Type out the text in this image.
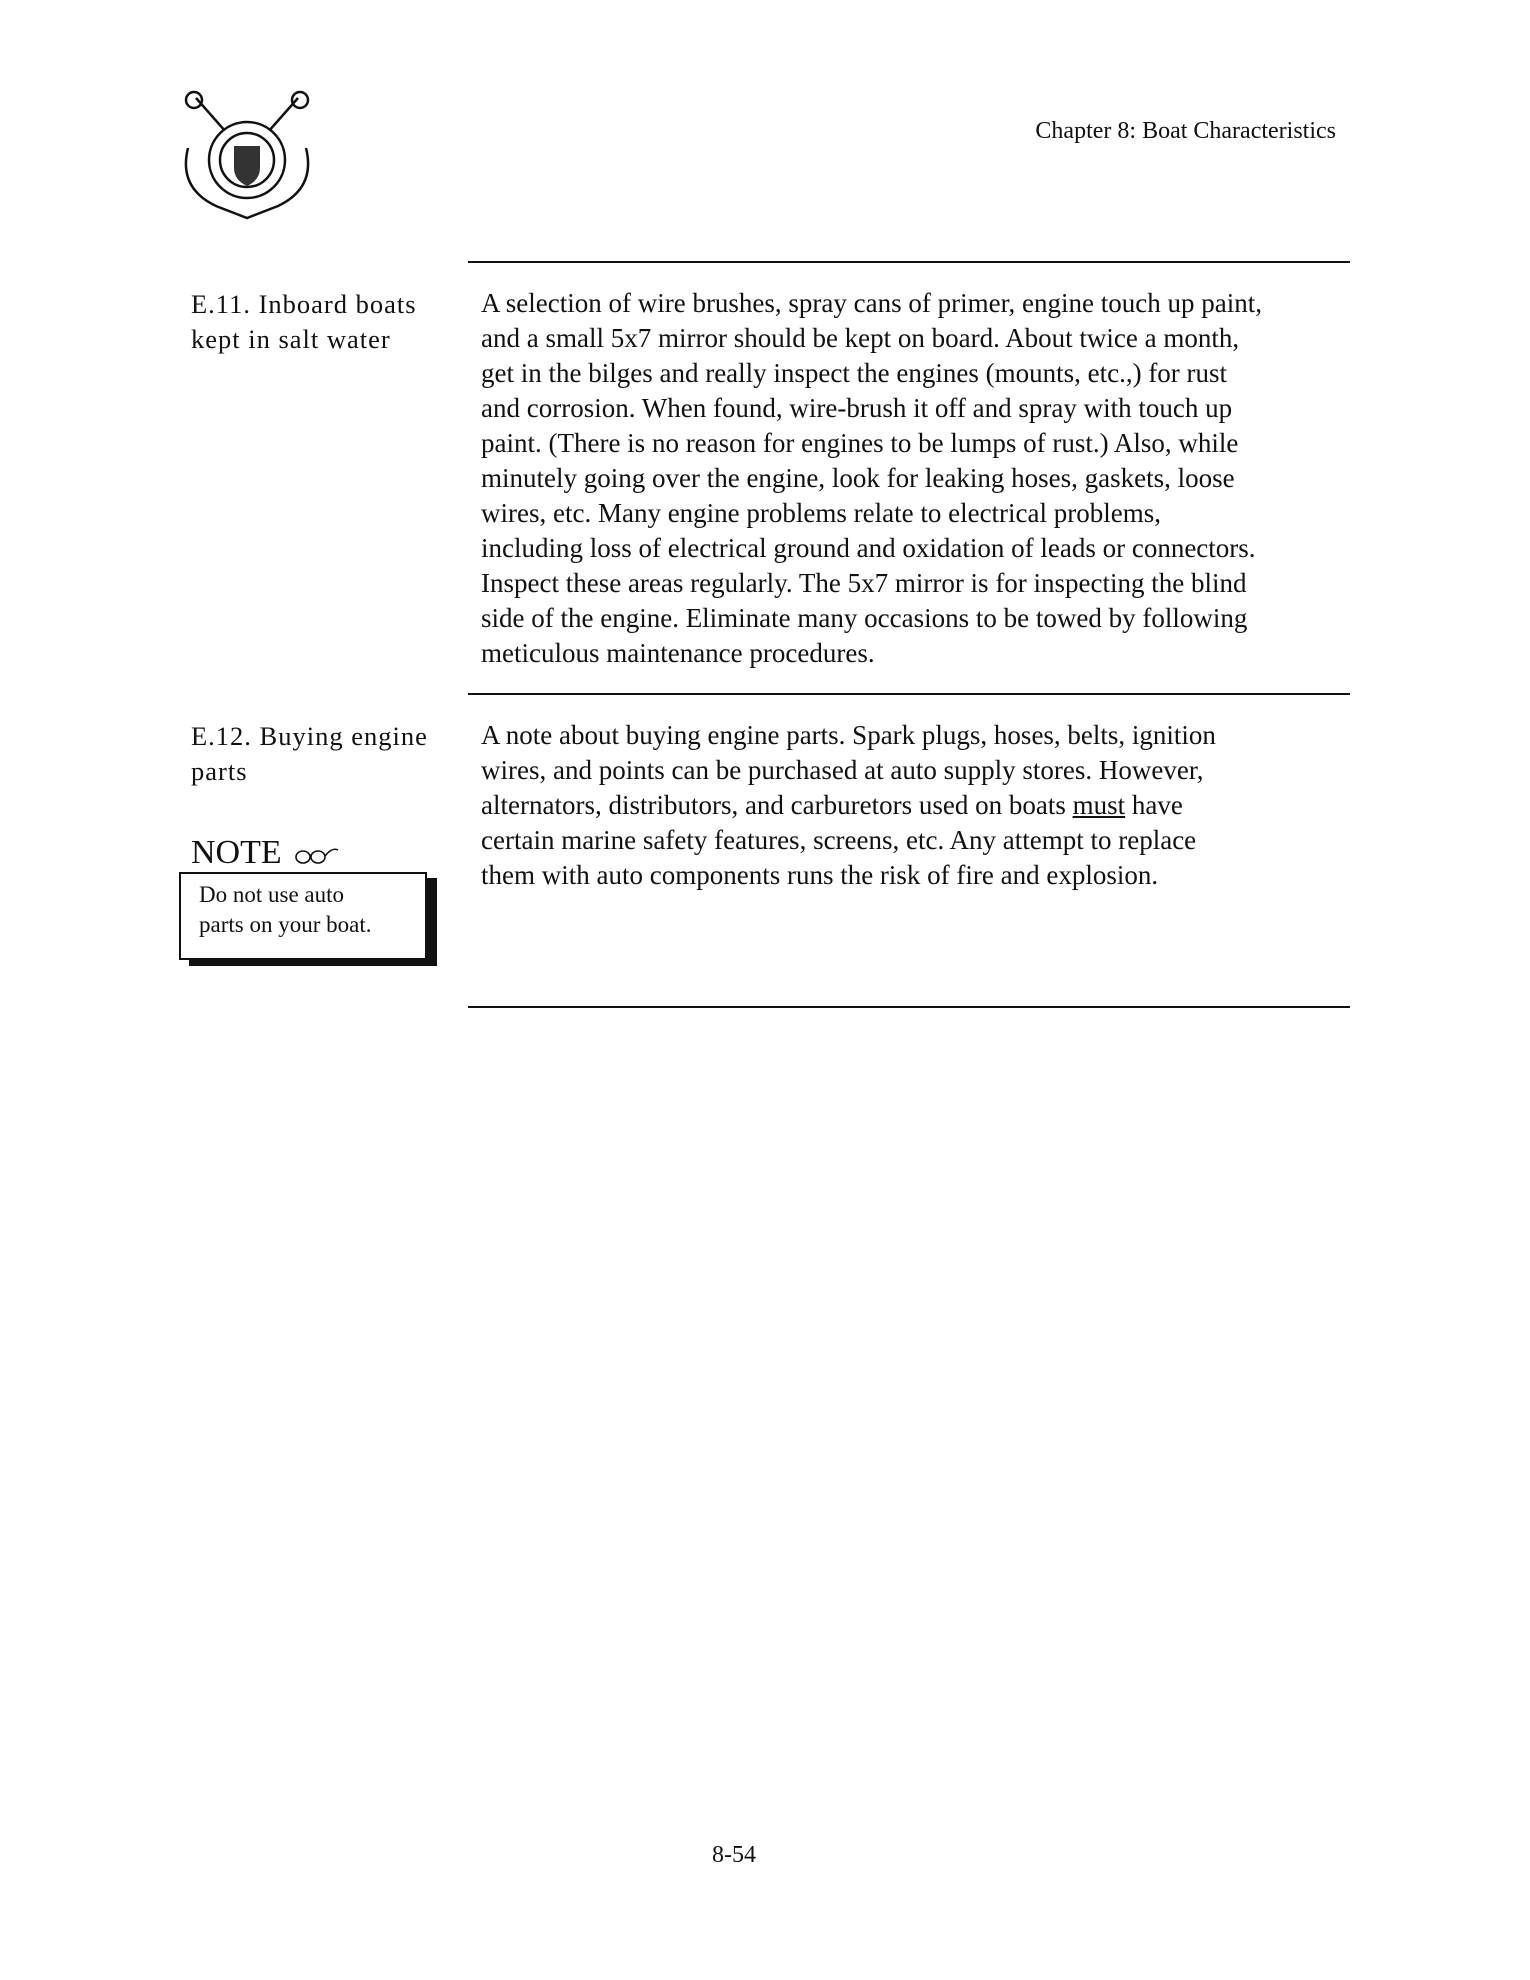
Chapter 8: Boat Characteristics
E.11. Inboard boats
kept in salt water
A selection of wire brushes, spray cans of primer, engine touch up paint,
and a small 5x7 mirror should be kept on board. About twice a month,
get in the bilges and really inspect the engines (mounts, etc.,) for rust
and corrosion. When found, wire-brush it off and spray with touch up
paint. (There is no reason for engines to be lumps of rust.) Also, while
minutely going over the engine, look for leaking hoses, gaskets, loose
wires, etc. Many engine problems relate to electrical problems,
including loss of electrical ground and oxidation of leads or connectors.
Inspect these areas regularly. The 5x7 mirror is for inspecting the blind
side of the engine. Eliminate many occasions to be towed by following
meticulous maintenance procedures.
E.12. Buying engine
parts
A note about buying engine parts. Spark plugs, hoses, belts, ignition
wires, and points can be purchased at auto supply stores. However,
alternators, distributors, and carburetors used on boats must have
certain marine safety features, screens, etc. Any attempt to replace
them with auto components runs the risk of fire and explosion.
NOTE
Do not use auto
parts on your boat.
8-54
